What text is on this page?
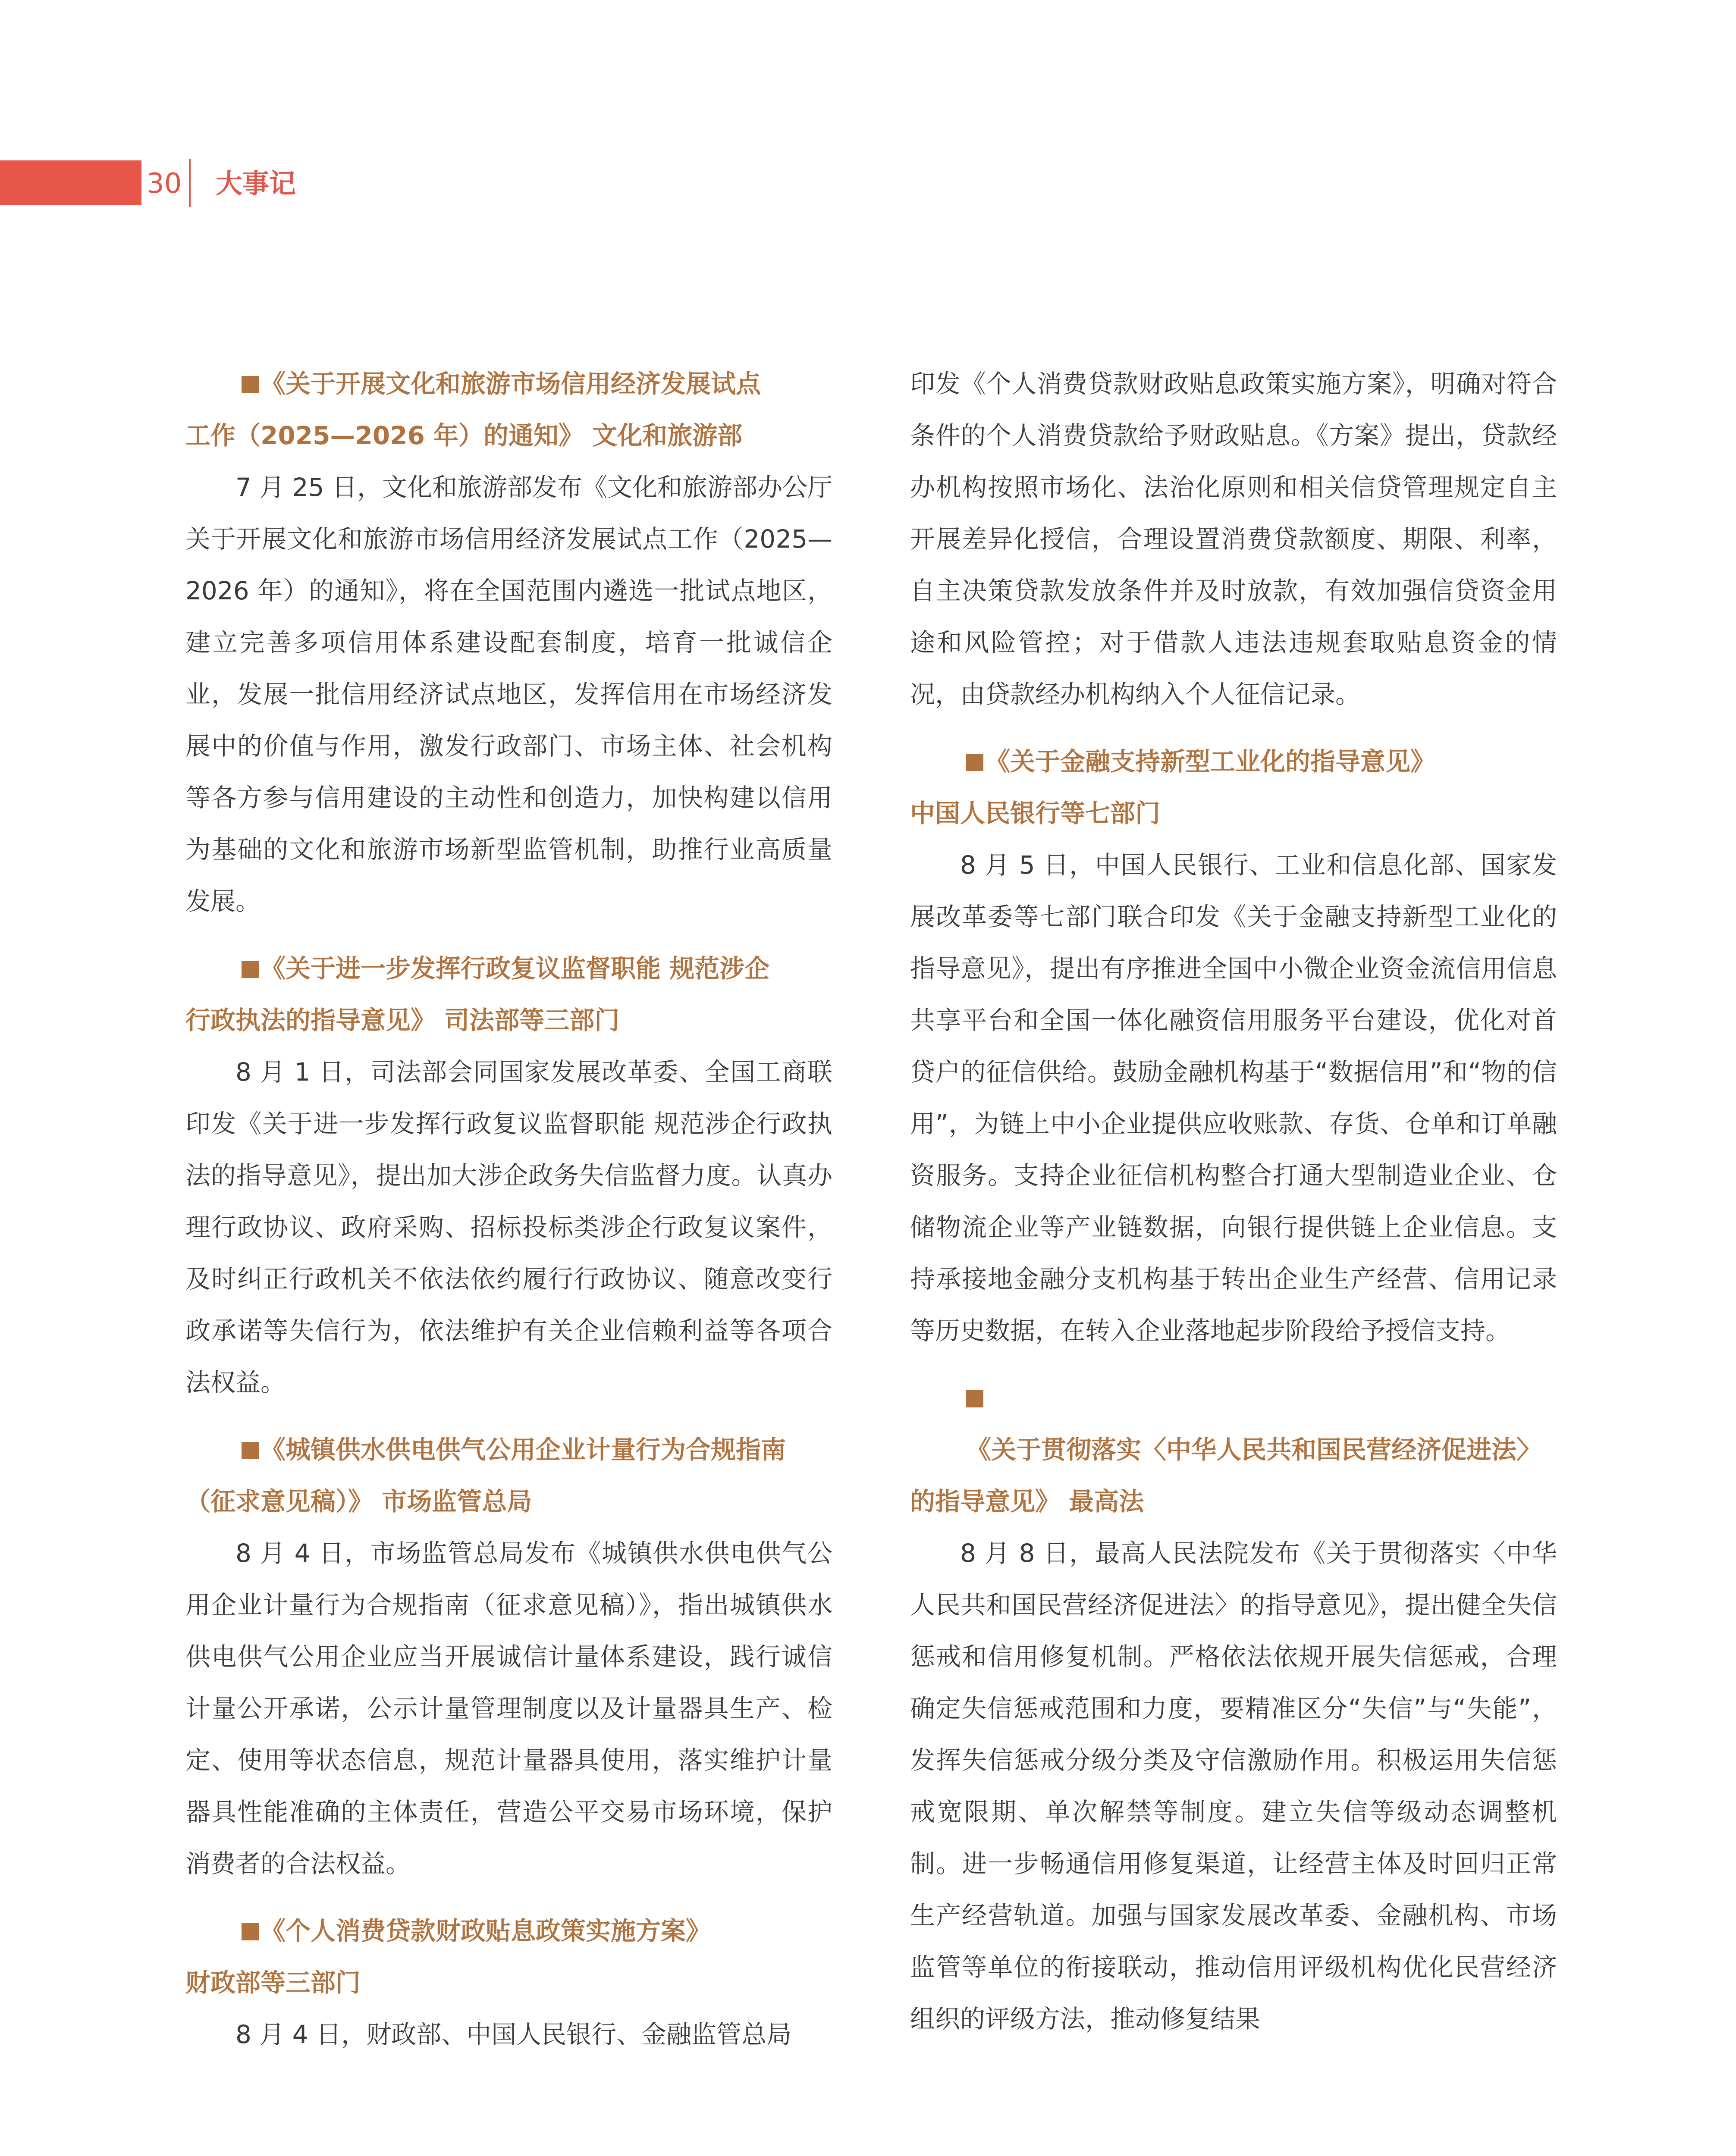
30 大事记
《关于开展文化和旅游市场信用经济发展试点
工作（2025—2026 年）的通知》 文化和旅游部
7 月 25 日，文化和旅游部发布《文化和旅游部办公厅关于开展文化和旅游市场信用经济发展试点工作（2025—2026 年）的通知》，将在全国范围内遴选一批试点地区，建立完善多项信用体系建设配套制度，培育一批诚信企业，发展一批信用经济试点地区，发挥信用在市场经济发展中的价值与作用，激发行政部门、市场主体、社会机构等各方参与信用建设的主动性和创造力，加快构建以信用为基础的文化和旅游市场新型监管机制，助推行业高质量发展。
《关于进一步发挥行政复议监督职能 规范涉企
行政执法的指导意见》 司法部等三部门
8 月 1 日，司法部会同国家发展改革委、全国工商联印发《关于进一步发挥行政复议监督职能 规范涉企行政执法的指导意见》，提出加大涉企政务失信监督力度。认真办理行政协议、政府采购、招标投标类涉企行政复议案件，及时纠正行政机关不依法依约履行行政协议、随意改变行政承诺等失信行为，依法维护有关企业信赖利益等各项合法权益。
《城镇供水供电供气公用企业计量行为合规指南
（征求意见稿）》 市场监管总局
8 月 4 日，市场监管总局发布《城镇供水供电供气公用企业计量行为合规指南（征求意见稿）》，指出城镇供水供电供气公用企业应当开展诚信计量体系建设，践行诚信计量公开承诺，公示计量管理制度以及计量器具生产、检定、使用等状态信息，规范计量器具使用，落实维护计量器具性能准确的主体责任，营造公平交易市场环境，保护消费者的合法权益。
《个人消费贷款财政贴息政策实施方案》
财政部等三部门
8 月 4 日，财政部、中国人民银行、金融监管总局
印发《个人消费贷款财政贴息政策实施方案》，明确对符合条件的个人消费贷款给予财政贴息。《方案》提出，贷款经办机构按照市场化、法治化原则和相关信贷管理规定自主开展差异化授信，合理设置消费贷款额度、期限、利率，自主决策贷款发放条件并及时放款，有效加强信贷资金用途和风险管控；对于借款人违法违规套取贴息资金的情况，由贷款经办机构纳入个人征信记录。
《关于金融支持新型工业化的指导意见》
中国人民银行等七部门
8 月 5 日，中国人民银行、工业和信息化部、国家发展改革委等七部门联合印发《关于金融支持新型工业化的指导意见》，提出有序推进全国中小微企业资金流信用信息共享平台和全国一体化融资信用服务平台建设，优化对首贷户的征信供给。鼓励金融机构基于“数据信用”和“物的信用”，为链上中小企业提供应收账款、存货、仓单和订单融资服务。支持企业征信机构整合打通大型制造业企业、仓储物流企业等产业链数据，向银行提供链上企业信息。支持承接地金融分支机构基于转出企业生产经营、信用记录等历史数据，在转入企业落地起步阶段给予授信支持。
《关于贯彻落实〈中华人民共和国民营经济促进法〉
的指导意见》 最高法
8 月 8 日，最高人民法院发布《关于贯彻落实〈中华人民共和国民营经济促进法〉的指导意见》，提出健全失信惩戒和信用修复机制。严格依法依规开展失信惩戒，合理确定失信惩戒范围和力度，要精准区分“失信”与“失能”，发挥失信惩戒分级分类及守信激励作用。积极运用失信惩戒宽限期、单次解禁等制度。建立失信等级动态调整机制。进一步畅通信用修复渠道，让经营主体及时回归正常生产经营轨道。加强与国家发展改革委、金融机构、市场监管等单位的衔接联动，推动信用评级机构优化民营经济组织的评级方法，推动修复结果
